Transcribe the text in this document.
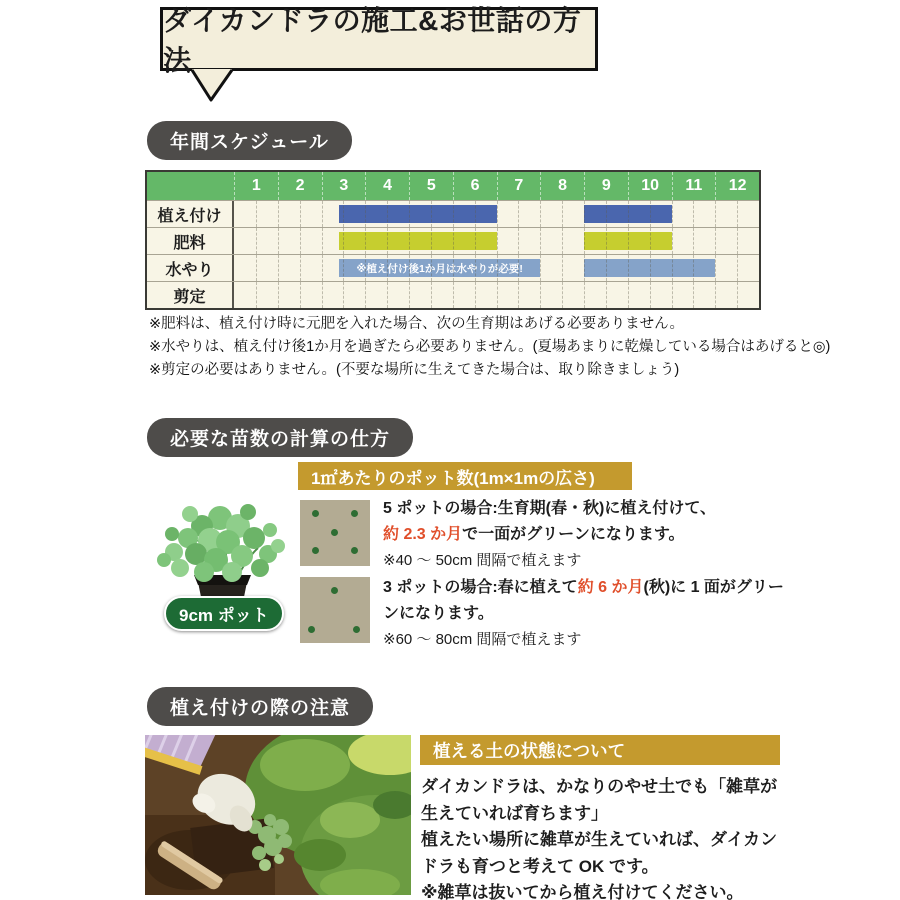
ダイカンドラの施工&お世話の方法
年間スケジュール
1	2	3	4	5	6	7	8	9	10	11	12
植え付け
肥料
水やり	※植え付け後1か月は水やりが必要!
剪定
※肥料は、植え付け時に元肥を入れた場合、次の生育期はあげる必要ありません。
※水やりは、植え付け後1か月を過ぎたら必要ありません。(夏場あまりに乾燥している場合はあげると◎)
※剪定の必要はありません。(不要な場所に生えてきた場合は、取り除きましょう)
必要な苗数の計算の仕方
1㎡あたりのポット数(1m×1mの広さ)
9cm ポット

5 ポットの場合:生育期(春・秋)に植え付けて、

約 2.3 か月で一面がグリーンになります。

※40 〜 50cm 間隔で植えます

3 ポットの場合:春に植えて約 6 か月(秋)に 1 面がグリーンになります。

※60 〜 80cm 間隔で植えます

植え付けの際の注意
植える土の状態について

ダイカンドラは、かなりのやせ土でも「雑草が生えていれば育ちます」

植えたい場所に雑草が生えていれば、ダイカンドラも育つと考えて OK です。

※雑草は抜いてから植え付けてください。
